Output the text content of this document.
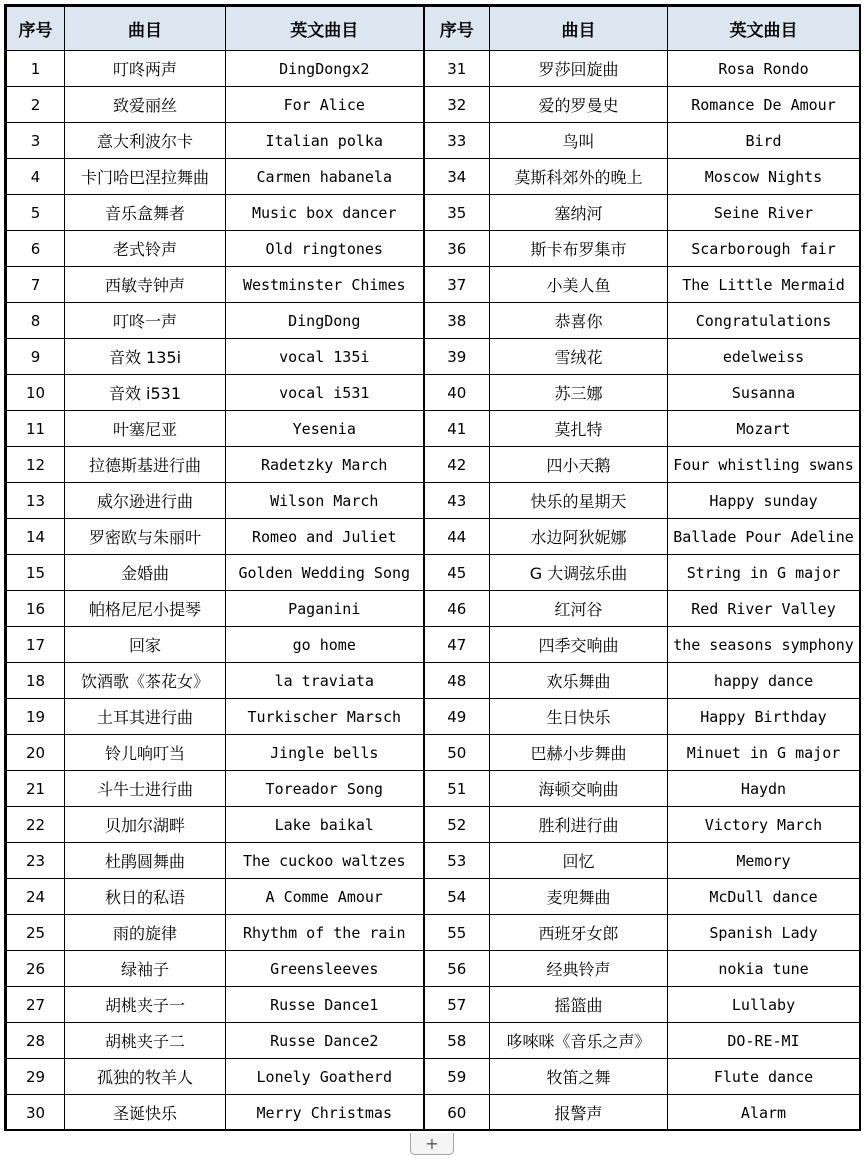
序号	曲目	英文曲目	序号	曲目	英文曲目
1	叮咚两声	DingDongx2	31	罗莎回旋曲	Rosa Rondo
2	致爱丽丝	For Alice	32	爱的罗曼史	Romance De Amour
3	意大利波尔卡	Italian polka	33	鸟叫	Bird
4	卡门哈巴涅拉舞曲	Carmen habanela	34	莫斯科郊外的晚上	Moscow Nights
5	音乐盒舞者	Music box dancer	35	塞纳河	Seine River
6	老式铃声	Old ringtones	36	斯卡布罗集市	Scarborough fair
7	西敏寺钟声	Westminster Chimes	37	小美人鱼	The Little Mermaid
8	叮咚一声	DingDong	38	恭喜你	Congratulations
9	音效 135i	vocal 135i	39	雪绒花	edelweiss
10	音效 i531	vocal i531	40	苏三娜	Susanna
11	叶塞尼亚	Yesenia	41	莫扎特	Mozart
12	拉德斯基进行曲	Radetzky March	42	四小天鹅	Four whistling swans
13	威尔逊进行曲	Wilson March	43	快乐的星期天	Happy sunday
14	罗密欧与朱丽叶	Romeo and Juliet	44	水边阿狄妮娜	Ballade Pour Adeline
15	金婚曲	Golden Wedding Song	45	G 大调弦乐曲	String in G major
16	帕格尼尼小提琴	Paganini	46	红河谷	Red River Valley
17	回家	go home	47	四季交响曲	the seasons symphony
18	饮酒歌《茶花女》	la traviata	48	欢乐舞曲	happy dance
19	土耳其进行曲	Turkischer Marsch	49	生日快乐	Happy Birthday
20	铃儿响叮当	Jingle bells	50	巴赫小步舞曲	Minuet in G major
21	斗牛士进行曲	Toreador Song	51	海顿交响曲	Haydn
22	贝加尔湖畔	Lake baikal	52	胜利进行曲	Victory March
23	杜鹃圆舞曲	The cuckoo waltzes	53	回忆	Memory
24	秋日的私语	A Comme Amour	54	麦兜舞曲	McDull dance
25	雨的旋律	Rhythm of the rain	55	西班牙女郎	Spanish Lady
26	绿袖子	Greensleeves	56	经典铃声	nokia tune
27	胡桃夹子一	Russe Dance1	57	摇篮曲	Lullaby
28	胡桃夹子二	Russe Dance2	58	哆唻咪《音乐之声》	DO-RE-MI
29	孤独的牧羊人	Lonely Goatherd	59	牧笛之舞	Flute dance
30	圣诞快乐	Merry Christmas	60	报警声	Alarm
+
